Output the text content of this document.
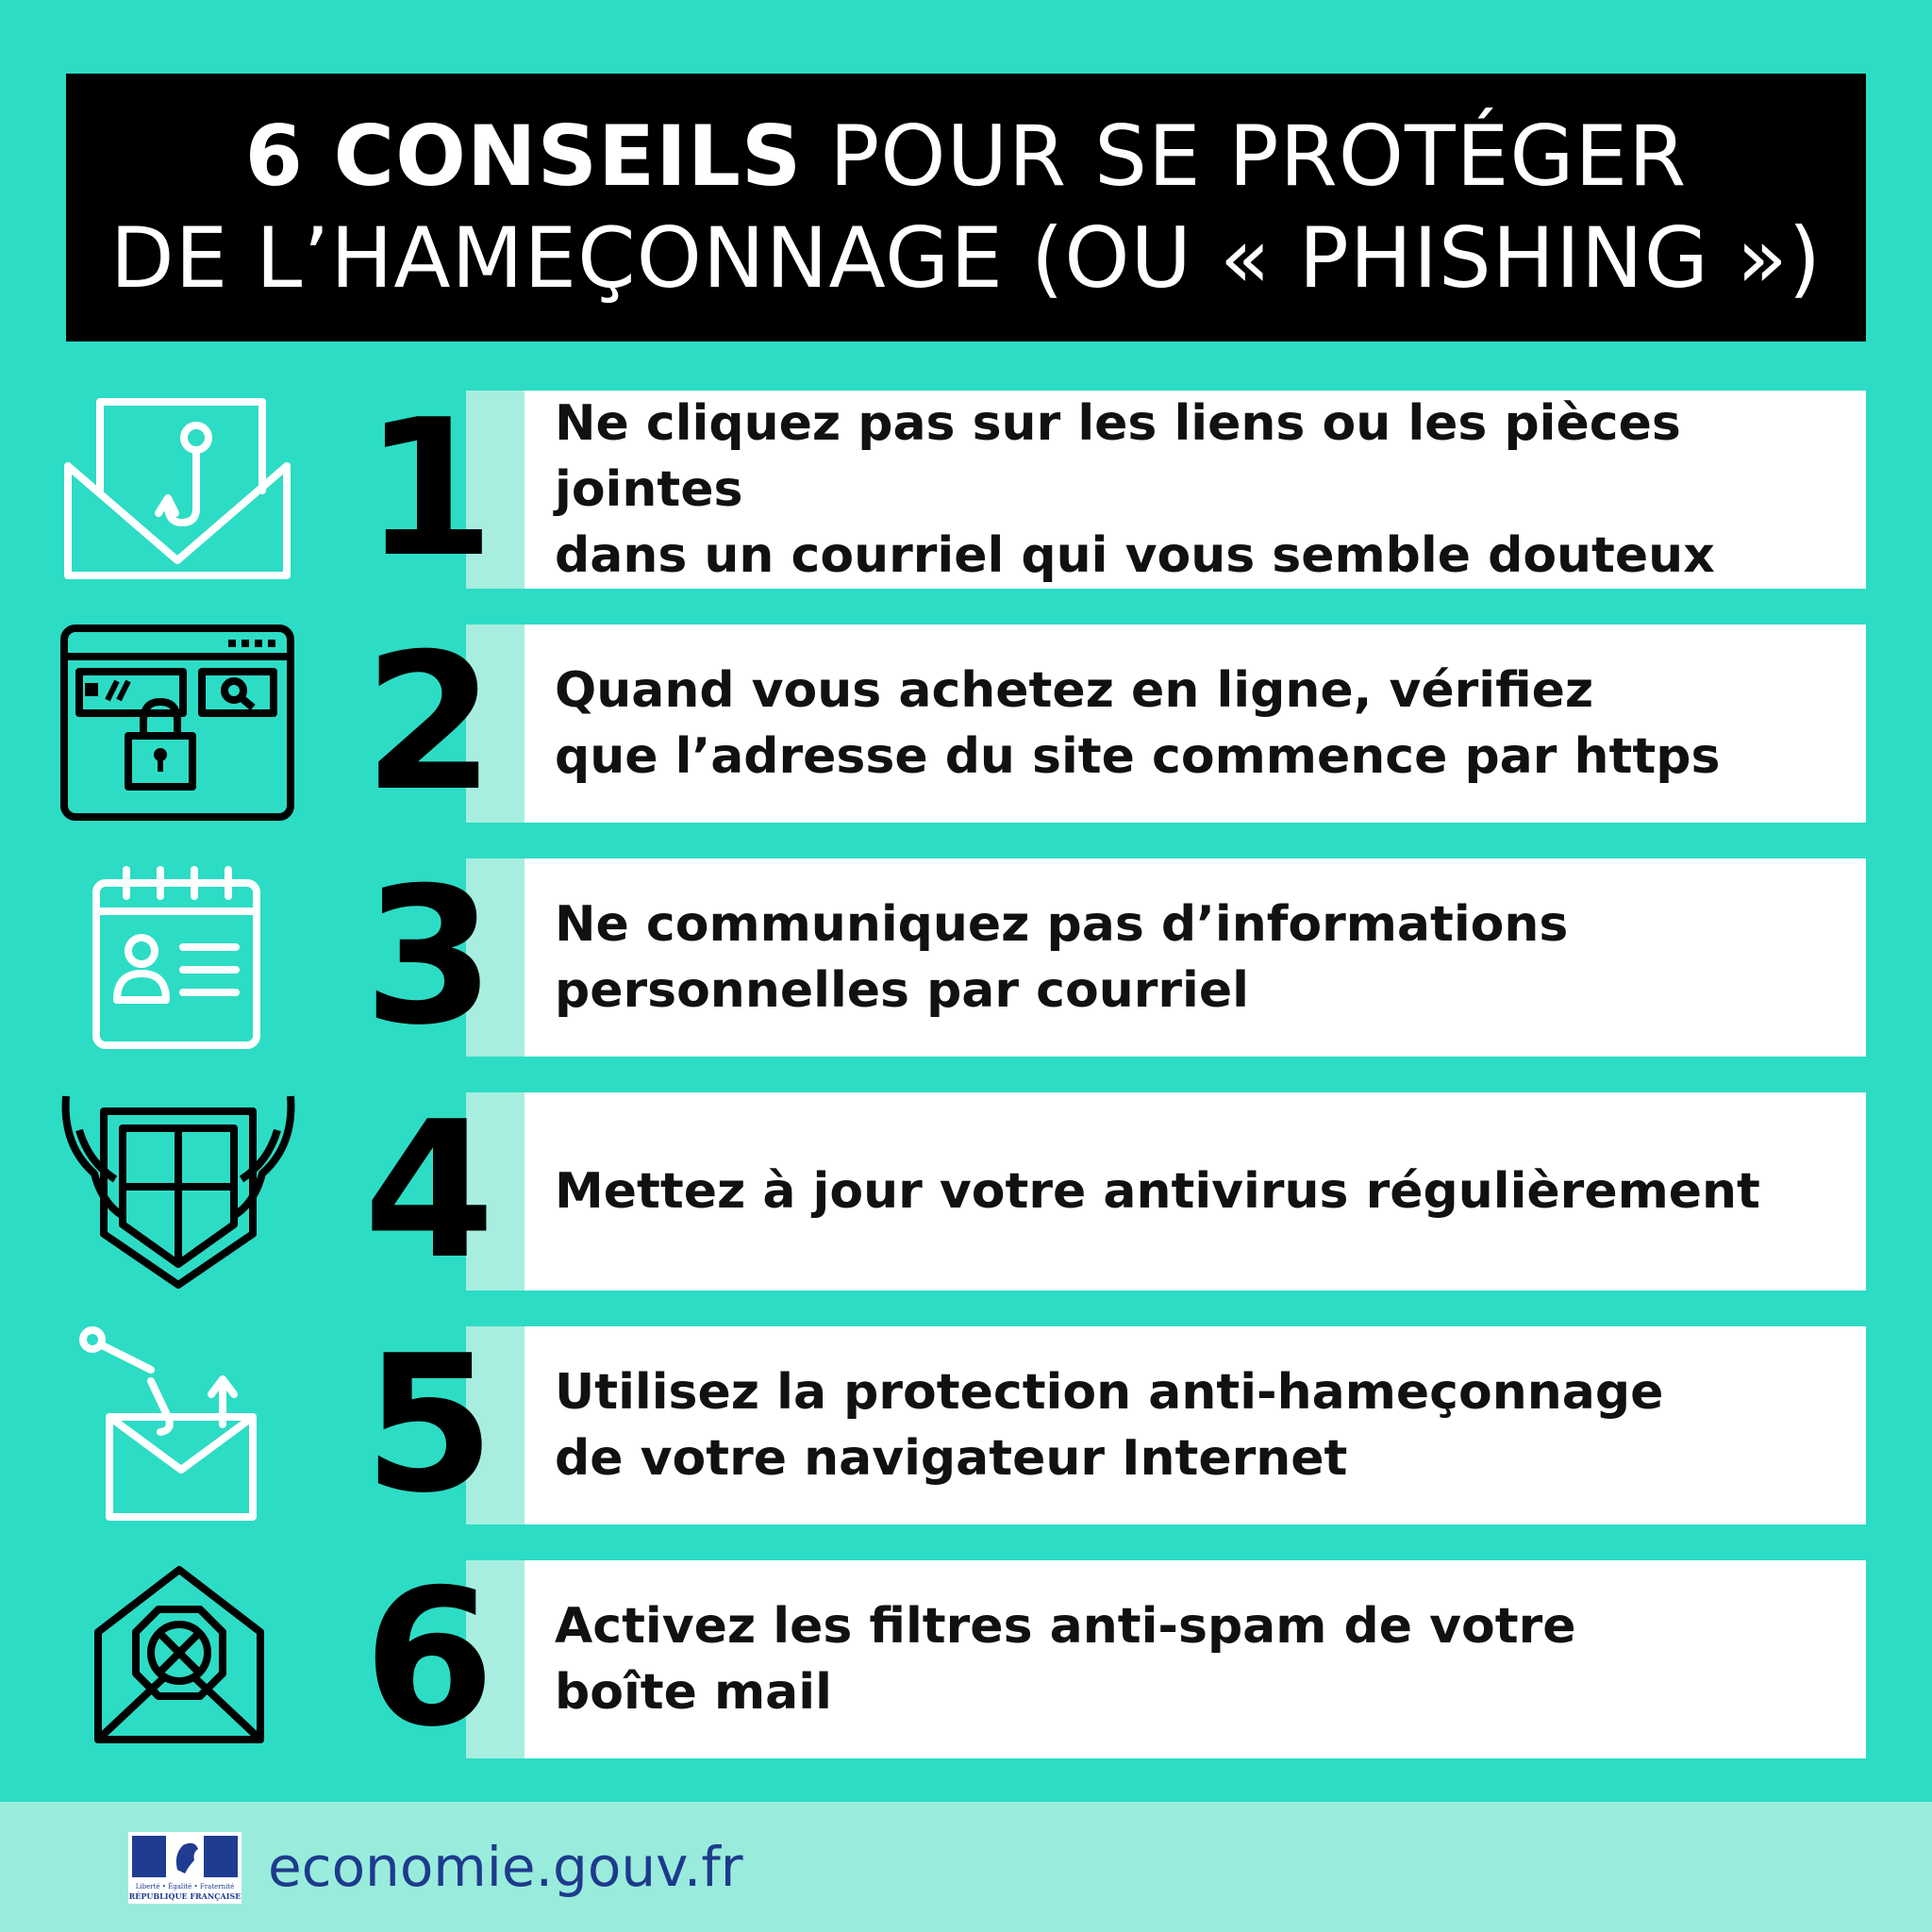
6 CONSEILS POUR SE PROTÉGER
DE L’HAMEÇONNAGE (OU « PHISHING »)
1 Ne cliquez pas sur les liens ou les pièces jointes
dans un courriel qui vous semble douteux
2 Quand vous achetez en ligne, vérifiez
que l’adresse du site commence par https
3 Ne communiquez pas d’informations
personnelles par courriel
4 Mettez à jour votre antivirus régulièrement
5 Utilisez la protection anti-hameçonnage
de votre navigateur Internet
6 Activez les filtres anti-spam de votre
boîte mail
Liberté • Égalité • Fraternité
RÉPUBLIQUE FRANÇAISE economie.gouv.fr
